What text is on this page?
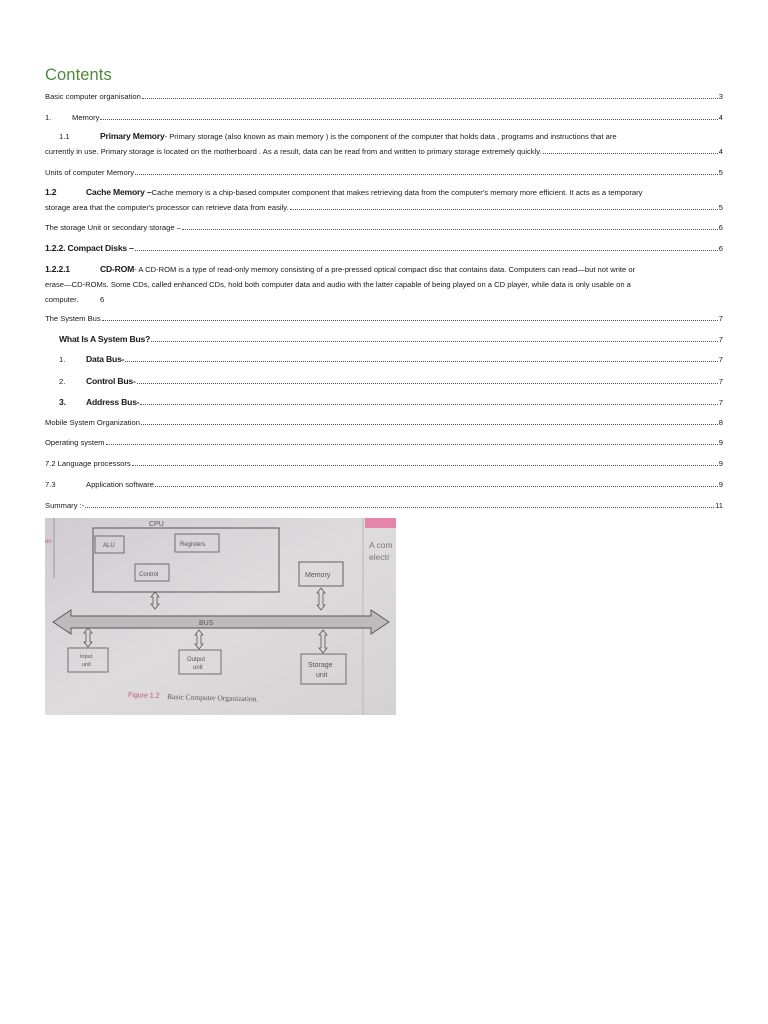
Contents
Basic computer organisation	3
1.	Memory	4
1.1	Primary Memory - Primary storage (also known as main memory ) is the component of the computer that holds data , programs and instructions that are
currently in use. Primary storage is located on the motherboard . As a result, data can be read from and written to primary storage extremely quickly.	4
Units of computer Memory	5
1.2	Cache Memory – Cache memory is a chip-based computer component that makes retrieving data from the computer's memory more efficient. It acts as a temporary
storage area that the computer's processor can retrieve data from easily.	5
The storage Unit or secondary storage –	6
1.2.2. Compact Disks –	6
1.2.2.1	CD-ROM - A CD-ROM is a type of read-only memory consisting of a pre-pressed optical compact disc that contains data. Computers can read—but not write or
erase—CD-ROMs. Some CDs, called enhanced CDs, hold both computer data and audio with the latter capable of being played on a CD player, while data is only usable on a
computer.	6
The System Bus	7
What Is A System Bus?	7
1.	Data Bus-	7
2.	Control Bus-	7
3.	Address Bus-	7
Mobile System Organization	8
Operating system	9
7.2 Language processors	9
7.3	Application software	9
Summary :-	11
on	A com
electr
CPU
ALU	Registers
Control	Memory
BUS
Input
unit
Output
unit	Storage
unit
Figure 1.2 Basic Computer Organization.
